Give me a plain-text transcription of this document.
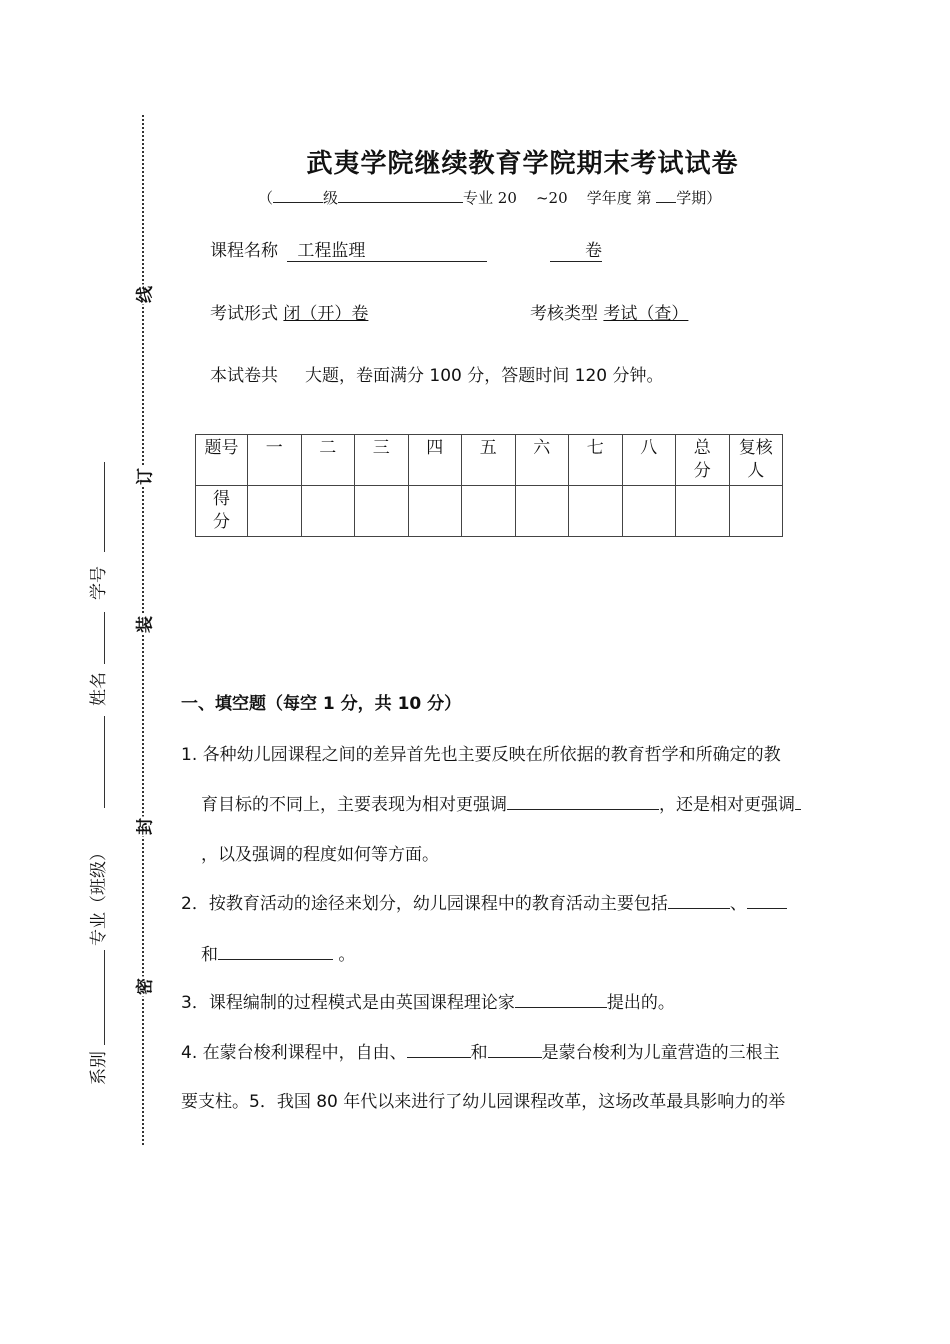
线
订
装
封
密
学号
姓名
专业（班级）
系别
武夷学院继续教育学院期末考试试卷
（	级	专业 20 ~20 学年度 第 学期）
课程名称 工程监理	卷
考试形式 闭（开）卷	考核类型 考试（查）
本试卷共     大题，卷面满分 100 分，答题时间 120 分钟。
题号	一	二	三	四	五	六	七	八	总分	复核人
得分										
一、填空题（每空 1 分，共 10 分）
1. 各种幼儿园课程之间的差异首先也主要反映在所依据的教育哲学和所确定的教
育目标的不同上，主要表现为相对更强调	，还是相对更强调
，以及强调的程度如何等方面。
2．按教育活动的途径来划分，幼儿园课程中的教育活动主要包括	、
和	。
3．课程编制的过程模式是由英国课程理论家	提出的。
4. 在蒙台梭利课程中，自由、	和	是蒙台梭利为儿童营造的三根主
要支柱。5．我国 80 年代以来进行了幼儿园课程改革，这场改革最具影响力的举
